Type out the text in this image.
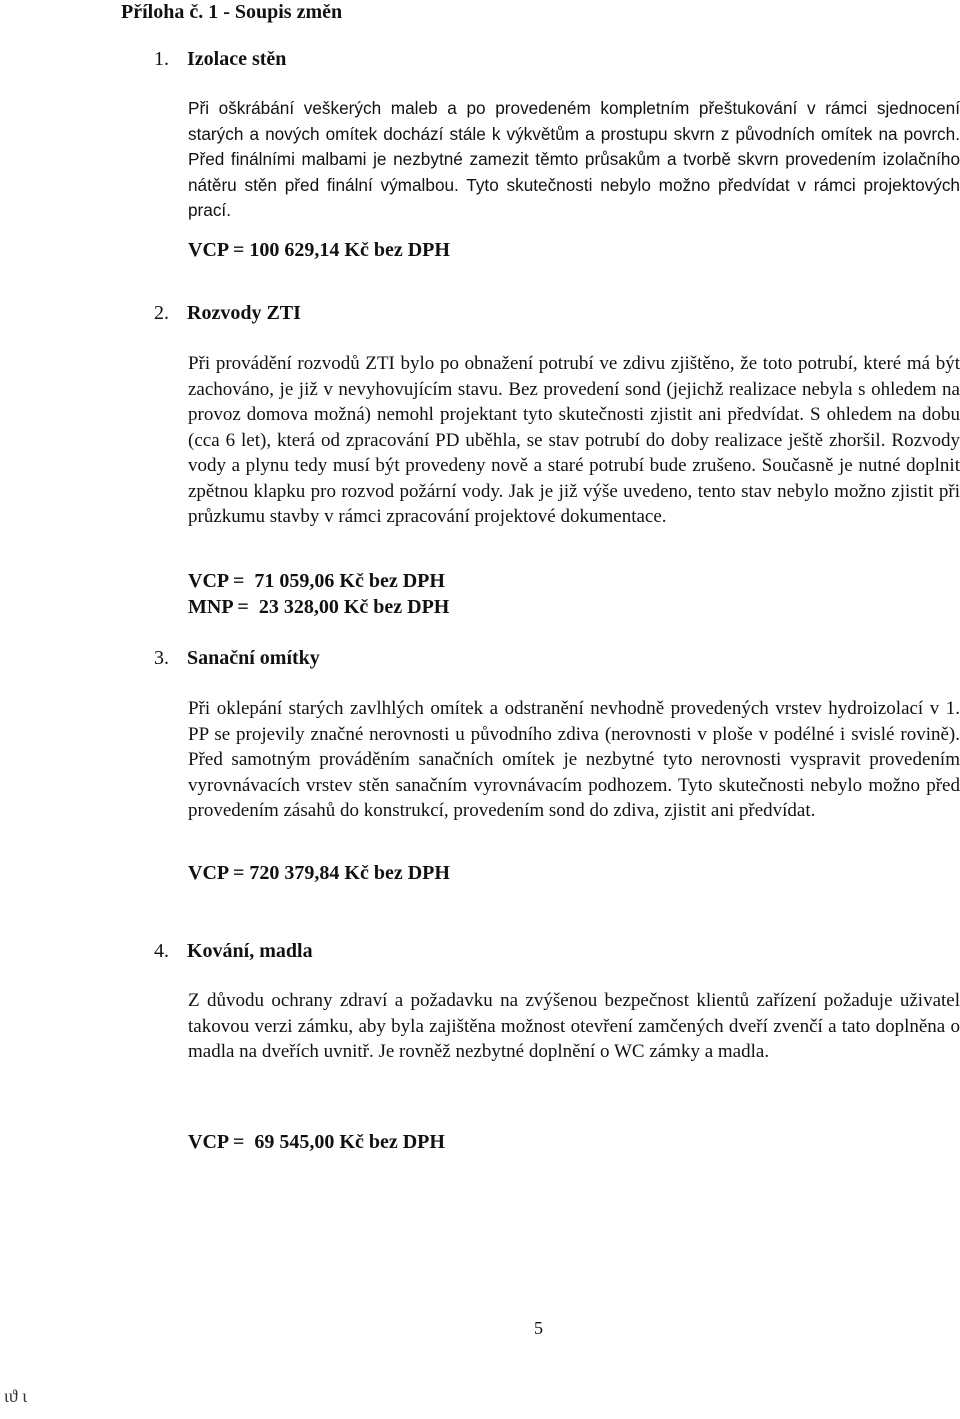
Příloha č. 1 - Soupis změn
1. Izolace stěn
Při oškrábání veškerých maleb a po provedeném kompletním přeštukování v rámci sjednocení starých a nových omítek dochází stále k výkvětům a prostupu skvrn z původních omítek na povrch. Před finálními malbami je nezbytné zamezit těmto průsakům a tvorbě skvrn provedením izolačního nátěru stěn před finální výmalbou. Tyto skutečnosti nebylo možno předvídat v rámci projektových prací.
VCP = 100 629,14 Kč bez DPH
2. Rozvody ZTI
Při provádění rozvodů ZTI bylo po obnažení potrubí ve zdivu zjištěno, že toto potrubí, které má být zachováno, je již v nevyhovujícím stavu. Bez provedení sond (jejichž realizace nebyla s ohledem na provoz domova možná) nemohl projektant tyto skutečnosti zjistit ani předvídat. S ohledem na dobu (cca 6 let), která od zpracování PD uběhla, se stav potrubí do doby realizace ještě zhoršil. Rozvody vody a plynu tedy musí být provedeny nově a staré potrubí bude zrušeno. Současně je nutné doplnit zpětnou klapku pro rozvod požární vody. Jak je již výše uvedeno, tento stav nebylo možno zjistit při průzkumu stavby v rámci zpracování projektové dokumentace.
VCP =  71 059,06 Kč bez DPH
MNP =  23 328,00 Kč bez DPH
3. Sanační omítky
Při oklepání starých zavlhlých omítek a odstranění nevhodně provedených vrstev hydroizolací v 1. PP se projevily značné nerovnosti u původního zdiva (nerovnosti v ploše v podélné i svislé rovině). Před samotným prováděním sanačních omítek je nezbytné tyto nerovnosti vyspravit provedením vyrovnávacích vrstev stěn sanačním vyrovnávacím podhozem. Tyto skutečnosti nebylo možno před provedením zásahů do konstrukcí, provedením sond do zdiva, zjistit ani předvídat.
VCP = 720 379,84 Kč bez DPH
4. Kování, madla
Z důvodu ochrany zdraví a požadavku na zvýšenou bezpečnost klientů zařízení požaduje uživatel takovou verzi zámku, aby byla zajištěna možnost otevření zamčených dveří zvenčí a tato doplněna o madla na dveřích uvnitř. Je rovněž nezbytné doplnění o WC zámky a madla.
VCP =  69 545,00 Kč bez DPH
5
ιϑ ι
